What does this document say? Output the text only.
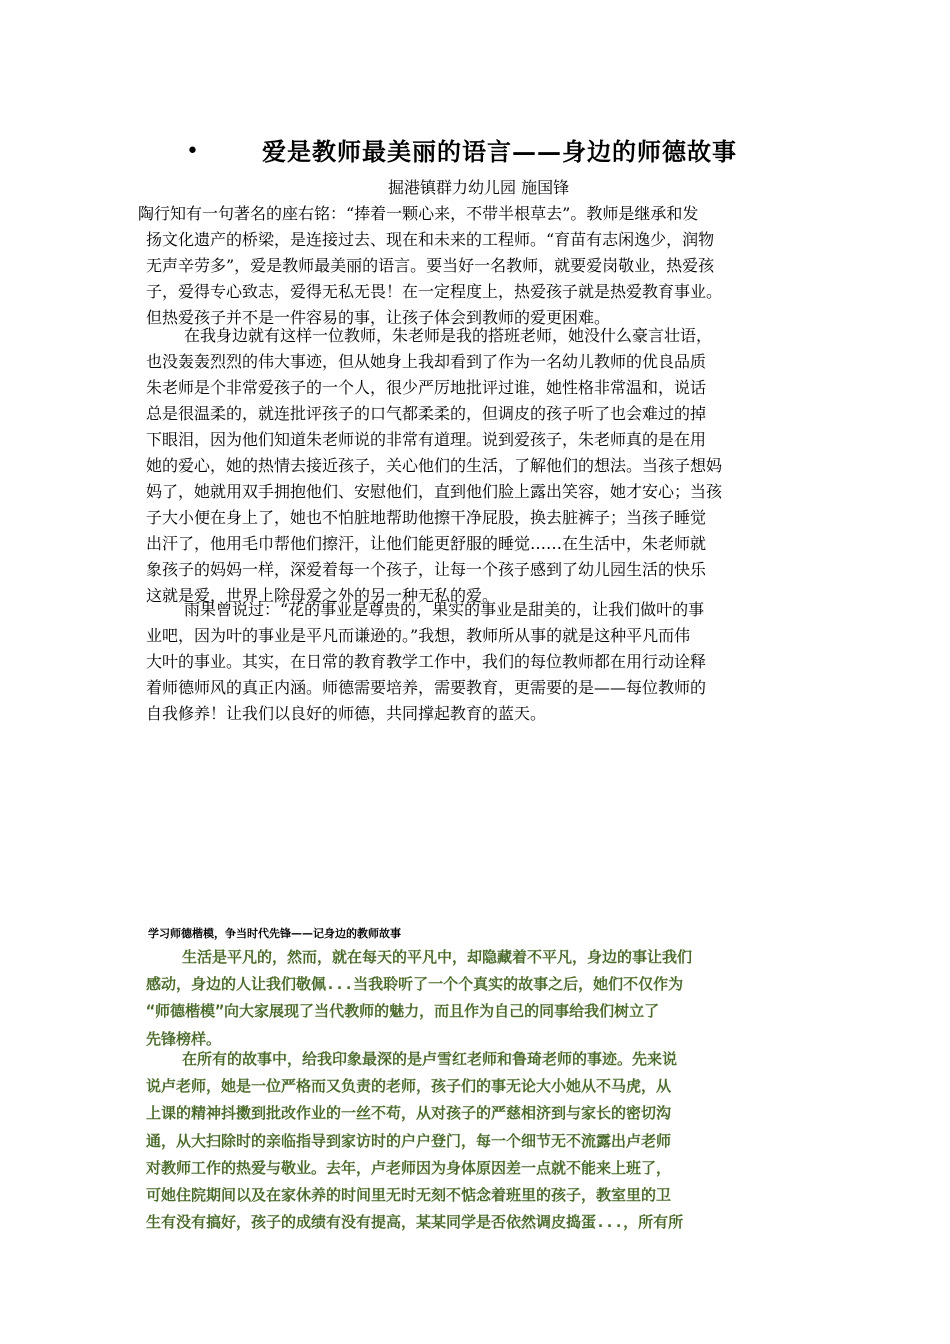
•	爱是教师最美丽的语言——身边的师德故事
掘港镇群力幼儿园 施国锋
陶行知有一句著名的座右铭：“捧着一颗心来，不带半根草去”。教师是继承和发
扬文化遗产的桥梁，是连接过去、现在和未来的工程师。“育苗有志闲逸少，润物
无声辛劳多”，爱是教师最美丽的语言。要当好一名教师，就要爱岗敬业，热爱孩
子，爱得专心致志，爱得无私无畏！在一定程度上，热爱孩子就是热爱教育事业。
但热爱孩子并不是一件容易的事，让孩子体会到教师的爱更困难。
在我身边就有这样一位教师，朱老师是我的搭班老师，她没什么豪言壮语，
也没轰轰烈烈的伟大事迹，但从她身上我却看到了作为一名幼儿教师的优良品质
朱老师是个非常爱孩子的一个人，很少严厉地批评过谁，她性格非常温和，说话
总是很温柔的，就连批评孩子的口气都柔柔的，但调皮的孩子听了也会难过的掉
下眼泪，因为他们知道朱老师说的非常有道理。说到爱孩子，朱老师真的是在用
她的爱心，她的热情去接近孩子，关心他们的生活，了解他们的想法。当孩子想妈
妈了，她就用双手拥抱他们、安慰他们，直到他们脸上露出笑容，她才安心；当孩
子大小便在身上了，她也不怕脏地帮助他擦干净屁股，换去脏裤子；当孩子睡觉
出汗了，他用毛巾帮他们擦汗，让他们能更舒服的睡觉……在生活中，朱老师就
象孩子的妈妈一样，深爱着每一个孩子，让每一个孩子感到了幼儿园生活的快乐
这就是爱，世界上除母爱之外的另一种无私的爱。
雨果曾说过：“花的事业是尊贵的，果实的事业是甜美的，让我们做叶的事
业吧，因为叶的事业是平凡而谦逊的。”我想，教师所从事的就是这种平凡而伟
大叶的事业。其实，在日常的教育教学工作中，我们的每位教师都在用行动诠释
着师德师风的真正内涵。师德需要培养，需要教育，更需要的是——每位教师的
自我修养！让我们以良好的师德，共同撑起教育的蓝天。
学习师德楷模，争当时代先锋——记身边的教师故事
生活是平凡的，然而，就在每天的平凡中，却隐藏着不平凡，身边的事让我们
感动，身边的人让我们敬佩...当我聆听了一个个真实的故事之后，她们不仅作为
“师德楷模”向大家展现了当代教师的魅力，而且作为自己的同事给我们树立了
先锋榜样。
在所有的故事中，给我印象最深的是卢雪红老师和鲁琦老师的事迹。先来说
说卢老师，她是一位严格而又负责的老师，孩子们的事无论大小她从不马虎，从
上课的精神抖擞到批改作业的一丝不苟，从对孩子的严慈相济到与家长的密切沟
通，从大扫除时的亲临指导到家访时的户户登门，每一个细节无不流露出卢老师
对教师工作的热爱与敬业。去年，卢老师因为身体原因差一点就不能来上班了，
可她住院期间以及在家休养的时间里无时无刻不惦念着班里的孩子，教室里的卫
生有没有搞好，孩子的成绩有没有提高，某某同学是否依然调皮捣蛋...，所有所
